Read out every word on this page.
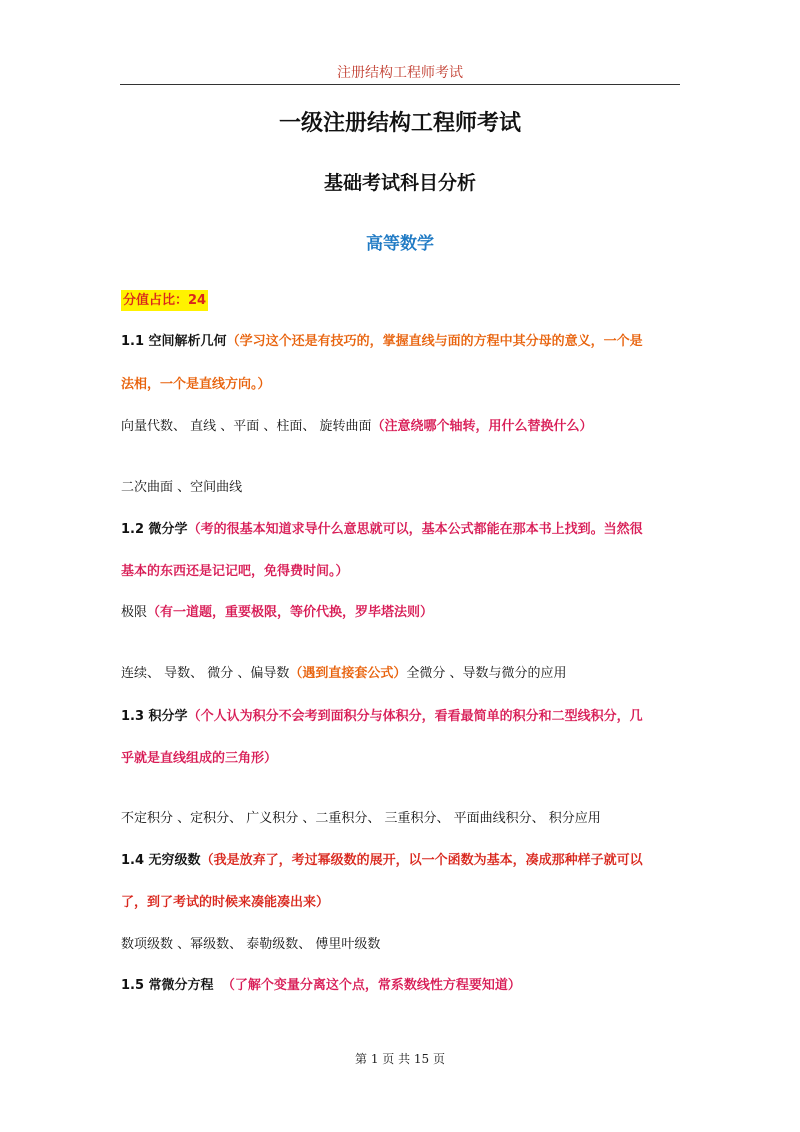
注册结构工程师考试
一级注册结构工程师考试
基础考试科目分析
高等数学
分值占比：24
1.1 空间解析几何（学习这个还是有技巧的，掌握直线与面的方程中其分母的意义，一个是
法相，一个是直线方向。）
向量代数、 直线 、平面 、柱面、 旋转曲面（注意绕哪个轴转，用什么替换什么）
二次曲面 、空间曲线
1.2 微分学（考的很基本知道求导什么意思就可以，基本公式都能在那本书上找到。当然很
基本的东西还是记记吧，免得费时间。）
极限（有一道题，重要极限，等价代换，罗毕塔法则）
连续、 导数、 微分 、偏导数（遇到直接套公式）全微分 、导数与微分的应用
1.3 积分学（个人认为积分不会考到面积分与体积分，看看最简单的积分和二型线积分，几
乎就是直线组成的三角形）
不定积分 、定积分、 广义积分 、二重积分、 三重积分、 平面曲线积分、 积分应用
1.4 无穷级数（我是放弃了，考过幂级数的展开，以一个函数为基本，凑成那种样子就可以
了，到了考试的时候来凑能凑出来）
数项级数 、幂级数、 泰勒级数、 傅里叶级数
1.5 常微分方程 （了解个变量分离这个点，常系数线性方程要知道）
第 1 页 共 15 页
